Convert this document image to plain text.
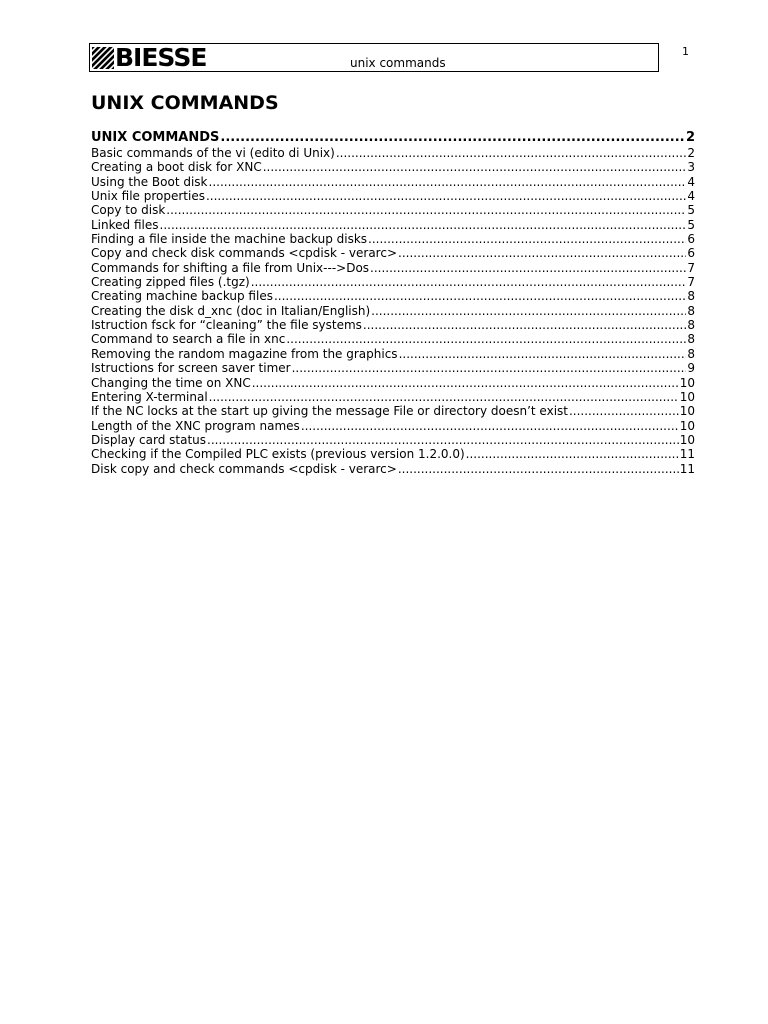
BIESSE	unix commands
1
UNIX COMMANDS
UNIX COMMANDS .....	2
Basic commands of the vi (edito di Unix) .....	2
Creating a boot disk for XNC .....	3
Using the Boot disk .....	4
Unix file properties .....	4
Copy to disk .....	5
Linked files .....	5
Finding a file inside the machine backup disks .....	6
Copy and check disk commands <cpdisk - verarc> .....	6
Commands for shifting a file from Unix--->Dos .....	7
Creating zipped files (.tgz) .....	7
Creating machine backup files .....	8
Creating the disk d_xnc (doc in Italian/English) .....	8
Istruction fsck for “cleaning” the file systems .....	8
Command to search a file in xnc .....	8
Removing the random magazine from the graphics .....	8
Istructions for screen saver timer .....	9
Changing the time on XNC .....	10
Entering X-terminal .....	10
If the NC locks at the start up giving the message File or directory doesn’t exist .....	10
Length of the XNC program names .....	10
Display card status .....	10
Checking if the Compiled PLC exists (previous version 1.2.0.0) .....	11
Disk copy and check commands <cpdisk - verarc> .....	11
